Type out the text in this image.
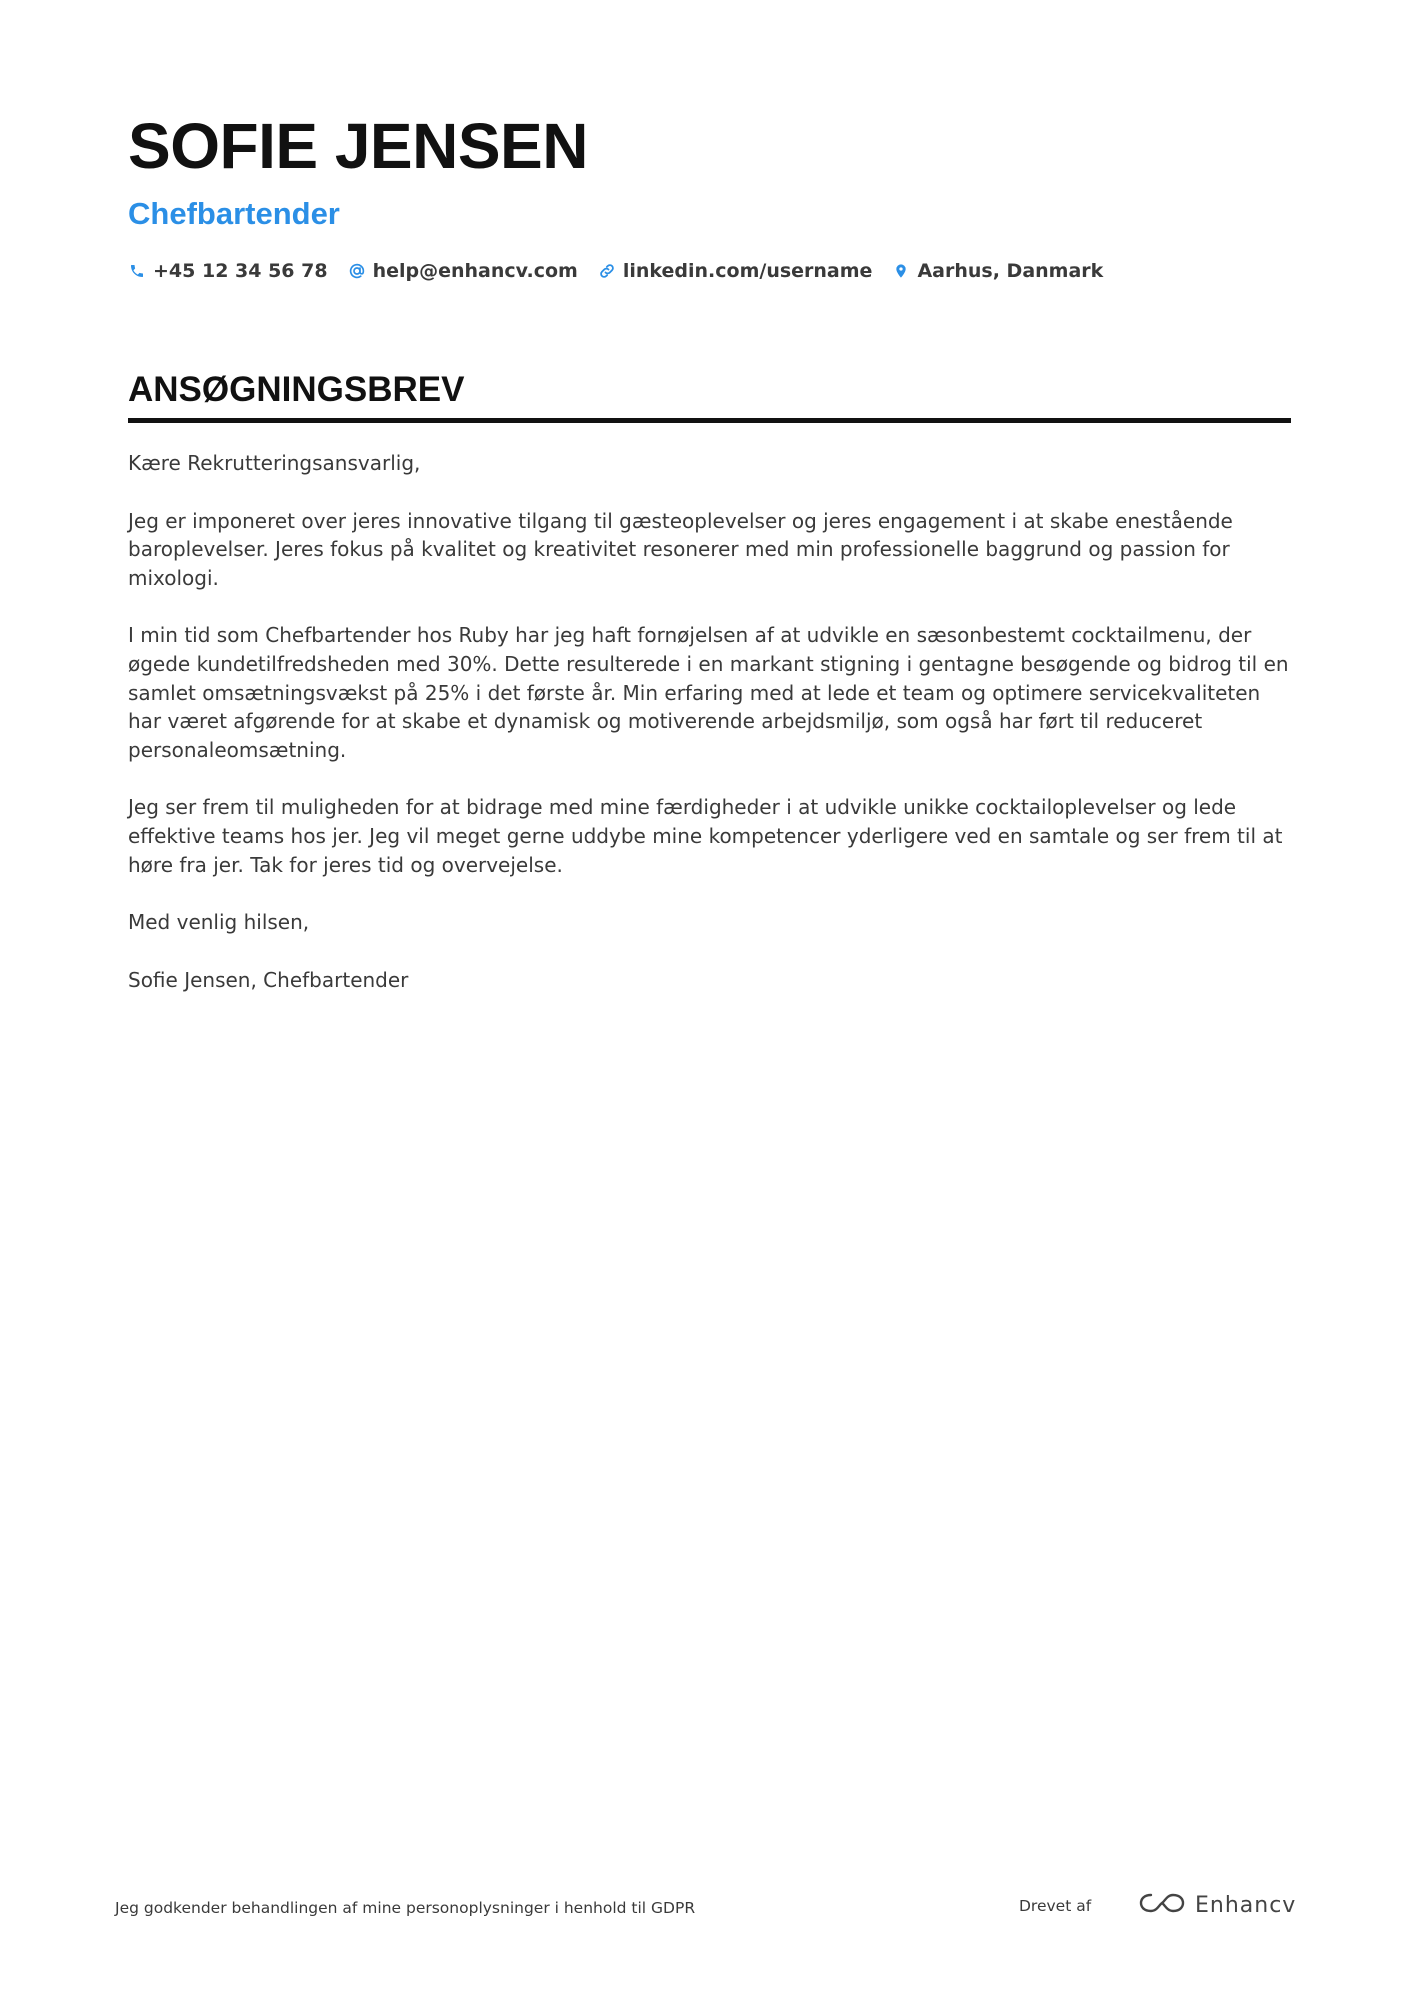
SOFIE JENSEN
Chefbartender
+45 12 34 56 78 help@enhancv.com linkedin.com/username Aarhus, Danmark
ANSØGNINGSBREV

Kære Rekrutteringsansvarlig,

Jeg er imponeret over jeres innovative tilgang til gæsteoplevelser og jeres engagement i at skabe enestående baroplevelser. Jeres fokus på kvalitet og kreativitet resonerer med min professionelle baggrund og passion for mixologi.

I min tid som Chefbartender hos Ruby har jeg haft fornøjelsen af at udvikle en sæsonbestemt cocktailmenu, der øgede kundetilfredsheden med 30%. Dette resulterede i en markant stigning i gentagne besøgende og bidrog til en samlet omsætningsvækst på 25% i det første år. Min erfaring med at lede et team og optimere servicekvaliteten har været afgørende for at skabe et dynamisk og motiverende arbejdsmiljø, som også har ført til reduceret personaleomsætning.

Jeg ser frem til muligheden for at bidrage med mine færdigheder i at udvikle unikke cocktailoplevelser og lede effektive teams hos jer. Jeg vil meget gerne uddybe mine kompetencer yderligere ved en samtale og ser frem til at høre fra jer. Tak for jeres tid og overvejelse.

Med venlig hilsen,

Sofie Jensen, Chefbartender

Jeg godkender behandlingen af mine personoplysninger i henhold til GDPR	Drevet af	Enhancv
